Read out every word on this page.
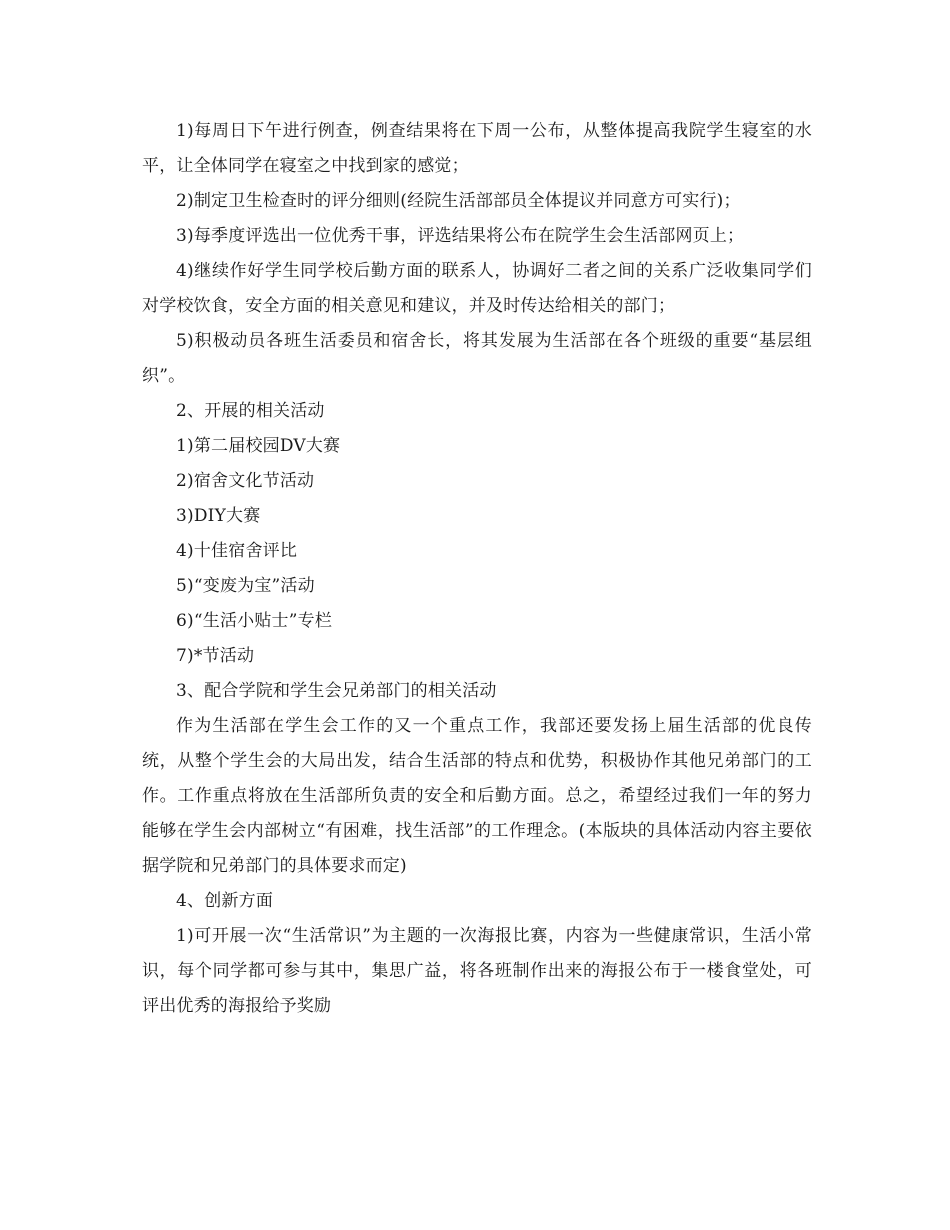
1)每周日下午进行例查，例查结果将在下周一公布，从整体提高我院学生寝室的水平，让全体同学在寝室之中找到家的感觉；

2)制定卫生检查时的评分细则(经院生活部部员全体提议并同意方可实行)；

3)每季度评选出一位优秀干事，评选结果将公布在院学生会生活部网页上；

4)继续作好学生同学校后勤方面的联系人，协调好二者之间的关系广泛收集同学们对学校饮食，安全方面的相关意见和建议，并及时传达给相关的部门；

5)积极动员各班生活委员和宿舍长，将其发展为生活部在各个班级的重要“基层组织”。

2、开展的相关活动

1)第二届校园DV大赛

2)宿舍文化节活动

3)DIY大赛

4)十佳宿舍评比

5)“变废为宝”活动

6)“生活小贴士”专栏

7)*节活动

3、配合学院和学生会兄弟部门的相关活动

作为生活部在学生会工作的又一个重点工作，我部还要发扬上届生活部的优良传统，从整个学生会的大局出发，结合生活部的特点和优势，积极协作其他兄弟部门的工作。工作重点将放在生活部所负责的安全和后勤方面。总之，希望经过我们一年的努力能够在学生会内部树立“有困难，找生活部”的工作理念。(本版块的具体活动内容主要依据学院和兄弟部门的具体要求而定)

4、创新方面

1)可开展一次“生活常识”为主题的一次海报比赛，内容为一些健康常识，生活小常识，每个同学都可参与其中，集思广益，将各班制作出来的海报公布于一楼食堂处，可评出优秀的海报给予奖励
